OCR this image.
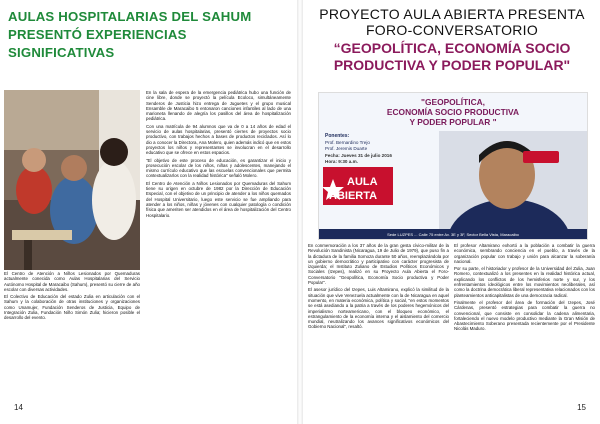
AULAS HOSPITALARIAS DEL SAHUM
PRESENTÓ EXPERIENCIAS
SIGNIFICATIVAS

El Centro de Atención a Niños Lesionados por Quemaduras actualmente conecida como Aulas Hospitalarias del Servicio Autónomo Hospital de Maracaibo (Sahum), presentó su cierre de año escolar con diversas actividades.

El Colectivo de Educación del estado Zulia en articulación con el Sahum y la colaboración de otras instituciones y organizaciones como Unamujer, Fundación Senderos de Justicia, Equipo de Integración Zulia, Fundación Niño Simón Zulia; hicieron posible el desarrollo del evento.

En la sala de espera de la emergencia pediátrica hubo una función de cine libre, donde se proyectó la película Ecoloco, simultáneamente Senderos de Justicia hizo entrega de Juguetes y el grupo musical Ensamble de Maracaibo 5 entonaron canciones infantiles al lado de una marioneta llenando de alegría los pasillos del área de hospitalización pediátrica.

Con una matrícula de 94 alumnos que va de 0 a 14 años de edad el servicio de aulas hospitalarias, presentó cierres de proyectos socio productivo, con trabajos hechos a bases de productos reciclados. Así lo dio a conocer la Directora, Ana Molero, quien además indicó que en estos proyectos los niños y representantes se involucran en el desarrollo educativo que se ofrece en estos espacios.

"El objetivo de este proceso de educación, es garantizar el inicio y prosecución escolar de los niños, niñas y adolescentes, manejando el mismo currículo educativo que las escuelas convencionales que permita contextualizarlos con la realidad histórica" señaló Molero.

El Centro de Atención a Niños Lesionados por Quemaduras del Sahum tiene su origen en octubre de 1982 por la Dirección de Educación Especial, con el objetivo de un principio de atender a los niños quemados del Hospital Universitario, luego este servicio se fue ampliando para atender a los niños, niñas y jóvenes con cualquier patología o condición física que ameriten ser atendidos en el área de hospitalización del Centro Hospitalario.

14
PROYECTO AULA ABIERTA PRESENTA
FORO-CONVERSATORIO
“GEOPOLÍTICA, ECONOMÍA SOCIO
PRODUCTIVA Y PODER POPULAR"
"GEOPOLÍTICA,
ECONOMÍA SOCIO PRODUCTIVA
Y PODER POPULAR "
Ponentes:
Prof. Bernardino Trejo
Prof. Jeremis Duarte
Fecha: Jueves 31 de julio 2016
Hora: 9:30 a.m.
AULA
ABIERTA
Sede LUZPES ... Calle 75 entre Av. 3E y 3F, Sector Bella Vista, Maracaibo

En conmemoración a los 37 años de la gran gesta cívico-militar de la Revolución Sandinista (Nicaragua, 19 de Julio de 1979), que puso fin a la dictadura de la familia Somoza durante 50 años, reemplazándola por un gobierno democrático y participativo con carácter progresista de izquierda; el Instituto Zuliano de Estudios Políticos Económicos y Sociales (Izepes), realizó en su Proyecto Aula Abierta el Foro-Conversatorio "Geopolítica, Economía Socio productiva y Poder Popular".

El asesor jurídico del Izepes, Luis Altamirano, explicó la similitud de la situación que vive Venezuela actualmente con la de Nicaragua en aquel momento, en materia económica, política y social, "en estos momentos se está asediando a la patria a través de los poderes hegemónicos del imperialismo norteamericano, con el bloqueo económico, el estrangulamiento de la economía interna y el aislamiento del comercio mundial, neutralizando los avances significativos económicos del Gobierno Nacional", resaltó.

El profesor Altamirano exhortó a la población a combatir la guerra económica, sembrando conciencia en el pueblo, a través de la organización popular con trabajo y unión para alcanzar la soberanía nacional.

Por su parte, el historiador y profesor de la Universidad del Zulia, Juan Romero, contextualizó a los presentes en la realidad histórica actual, explicando los conflictos de los hemisferios norte y sur, y los enfrentamientos ideológicos entre los movimientos neoliberales, así como la doctrina democrática liberal representativa relacionados con los planteamientos anticapitalistas de una democracia radical.

Finalmente el profesor del área de formación del Izepes, José Cárdenas, presentó estrategias para combatir la guerra no convencional, que consiste en consolidar la cadena alimentaria, fortaleciendo el nuevo modelo productivo mediante la Gran Misión de Abastecimiento Soberano presentada recientemente por el Presidente Nicolás Maduro.

15
